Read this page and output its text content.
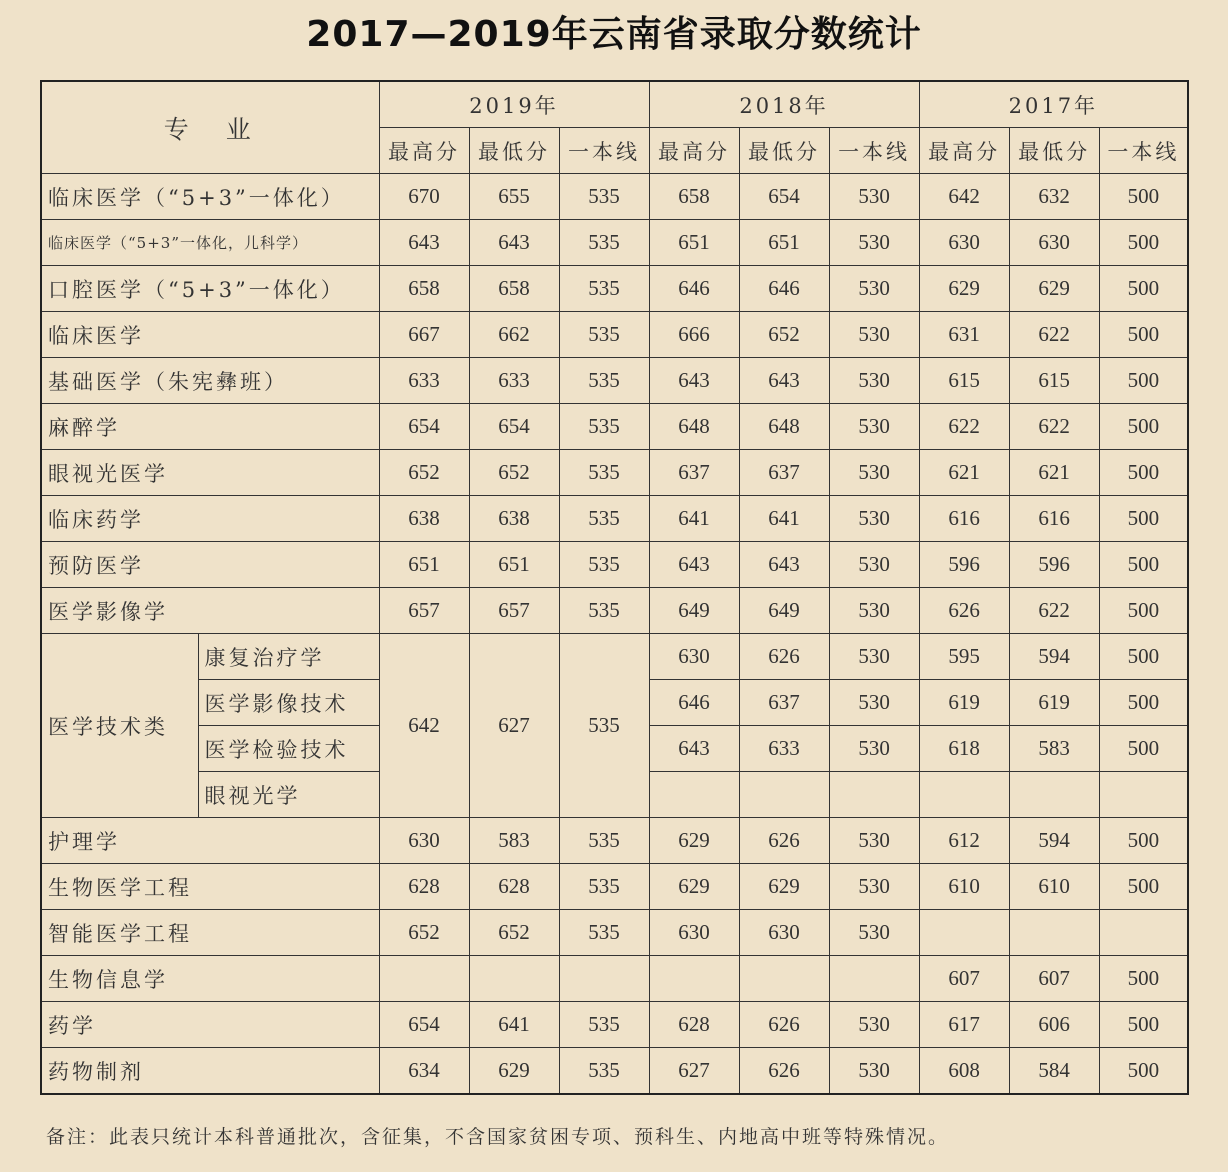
2017—2019年云南省录取分数统计
专　业		2019年			2018年			2017年		
		最高分	最低分	一本线	最高分	最低分	一本线	最高分	最低分	一本线
临床医学（“5+3”一体化）		670	655	535	658	654	530	642	632	500
临床医学（“5+3”一体化，儿科学）		643	643	535	651	651	530	630	630	500
口腔医学（“5+3”一体化）		658	658	535	646	646	530	629	629	500
临床医学		667	662	535	666	652	530	631	622	500
基础医学（朱宪彝班）		633	633	535	643	643	530	615	615	500
麻醉学		654	654	535	648	648	530	622	622	500
眼视光医学		652	652	535	637	637	530	621	621	500
临床药学		638	638	535	641	641	530	616	616	500
预防医学		651	651	535	643	643	530	596	596	500
医学影像学		657	657	535	649	649	530	626	622	500
医学技术类	康复治疗学	642	627	535	630	626	530	595	594	500
	医学影像技术				646	637	530	619	619	500
	医学检验技术				643	633	530	618	583	500
	眼视光学									
护理学		630	583	535	629	626	530	612	594	500
生物医学工程		628	628	535	629	629	530	610	610	500
智能医学工程		652	652	535	630	630	530			
生物信息学								607	607	500
药学		654	641	535	628	626	530	617	606	500
药物制剂		634	629	535	627	626	530	608	584	500
备注：此表只统计本科普通批次，含征集，不含国家贫困专项、预科生、内地高中班等特殊情况。
